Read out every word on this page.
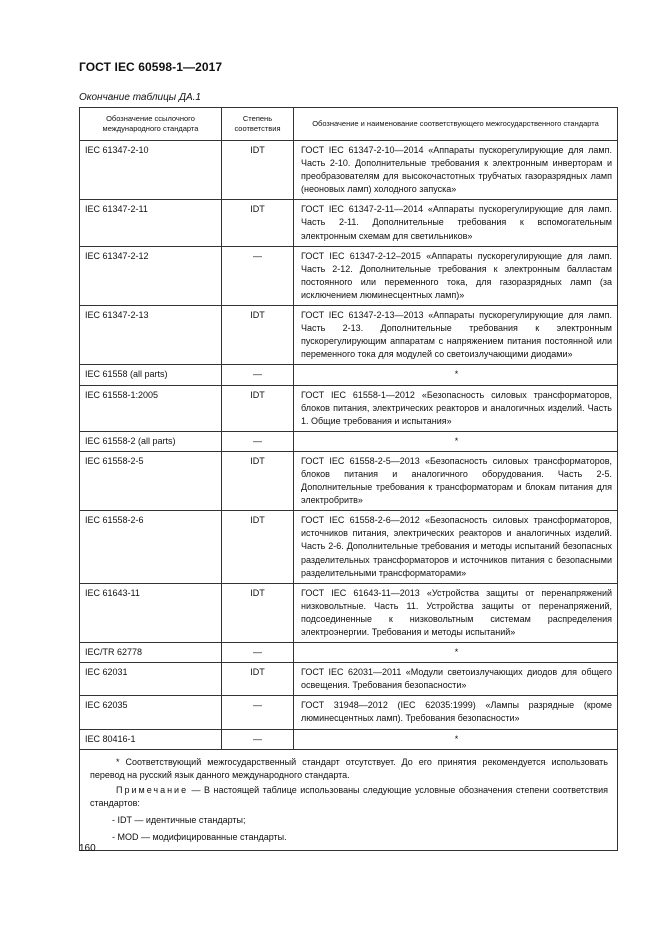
ГОСТ IEC 60598-1—2017
Окончание таблицы ДА.1
Обозначение ссылочного международного стандарта	Степень соответствия	Обозначение и наименование соответствующего межгосударственного стандарта
IEC 61347-2-10	IDT	ГОСТ IEC 61347-2-10—2014 «Аппараты пускорегулирующие для ламп. Часть 2-10. Дополнительные требования к электронным инверторам и преобразователям для высокочастотных трубчатых газоразрядных ламп (неоновых ламп) холодного запуска»
IEC 61347-2-11	IDT	ГОСТ IEC 61347-2-11—2014 «Аппараты пускорегулирующие для ламп. Часть 2-11. Дополнительные требования к вспомогательным электронным схемам для светильников»
IEC 61347-2-12	—	ГОСТ IEC 61347-2-12–2015 «Аппараты пускорегулирующие для ламп. Часть 2-12. Дополнительные требования к электронным балластам постоянного или переменного тока, для газоразрядных ламп (за исключением люминесцентных ламп)»
IEC 61347-2-13	IDT	ГОСТ IEC 61347-2-13—2013 «Аппараты пускорегулирующие для ламп. Часть 2-13. Дополнительные требования к электронным пускорегулирующим аппаратам с напряжением питания постоянной или переменного тока для модулей со светоизлучающими диодами»
IEC 61558 (all parts)	—	*
IEC 61558-1:2005	IDT	ГОСТ IEC 61558-1—2012 «Безопасность силовых трансформаторов, блоков питания, электрических реакторов и аналогичных изделий. Часть 1. Общие требования и испытания»
IEC 61558-2 (all parts)	—	*
IEC 61558-2-5	IDT	ГОСТ IEC 61558-2-5—2013 «Безопасность силовых трансформаторов, блоков питания и аналогичного оборудования. Часть 2-5. Дополнительные требования к трансформаторам и блокам питания для электробритв»
IEC 61558-2-6	IDT	ГОСТ IEC 61558-2-6—2012 «Безопасность силовых трансформаторов, источников питания, электрических реакторов и аналогичных изделий. Часть 2-6. Дополнительные требования и методы испытаний безопасных разделительных трансформаторов и источников питания с безопасными разделительными трансформаторами»
IEC 61643-11	IDT	ГОСТ IEC 61643-11—2013 «Устройства защиты от перенапряжений низковольтные. Часть 11. Устройства защиты от перенапряжений, подсоединенные к низковольтным системам распределения электроэнергии. Требования и методы испытаний»
IEC/TR 62778	—	*
IEC 62031	IDT	ГОСТ IEC 62031—2011 «Модули светоизлучающих диодов для общего освещения. Требования безопасности»
IEC 62035	—	ГОСТ 31948—2012 (IEC 62035:1999) «Лампы разрядные (кроме люминесцентных ламп). Требования безопасности»
IEC 80416-1	—	*

* Соответствующий межгосударственный стандарт отсутствует. До его принятия рекомендуется использовать перевод на русский язык данного международного стандарта.

Примечание — В настоящей таблице использованы следующие условные обозначения степени соответствия стандартов:

- IDT — идентичные стандарты;
- MOD — модифицированные стандарты.		
160
